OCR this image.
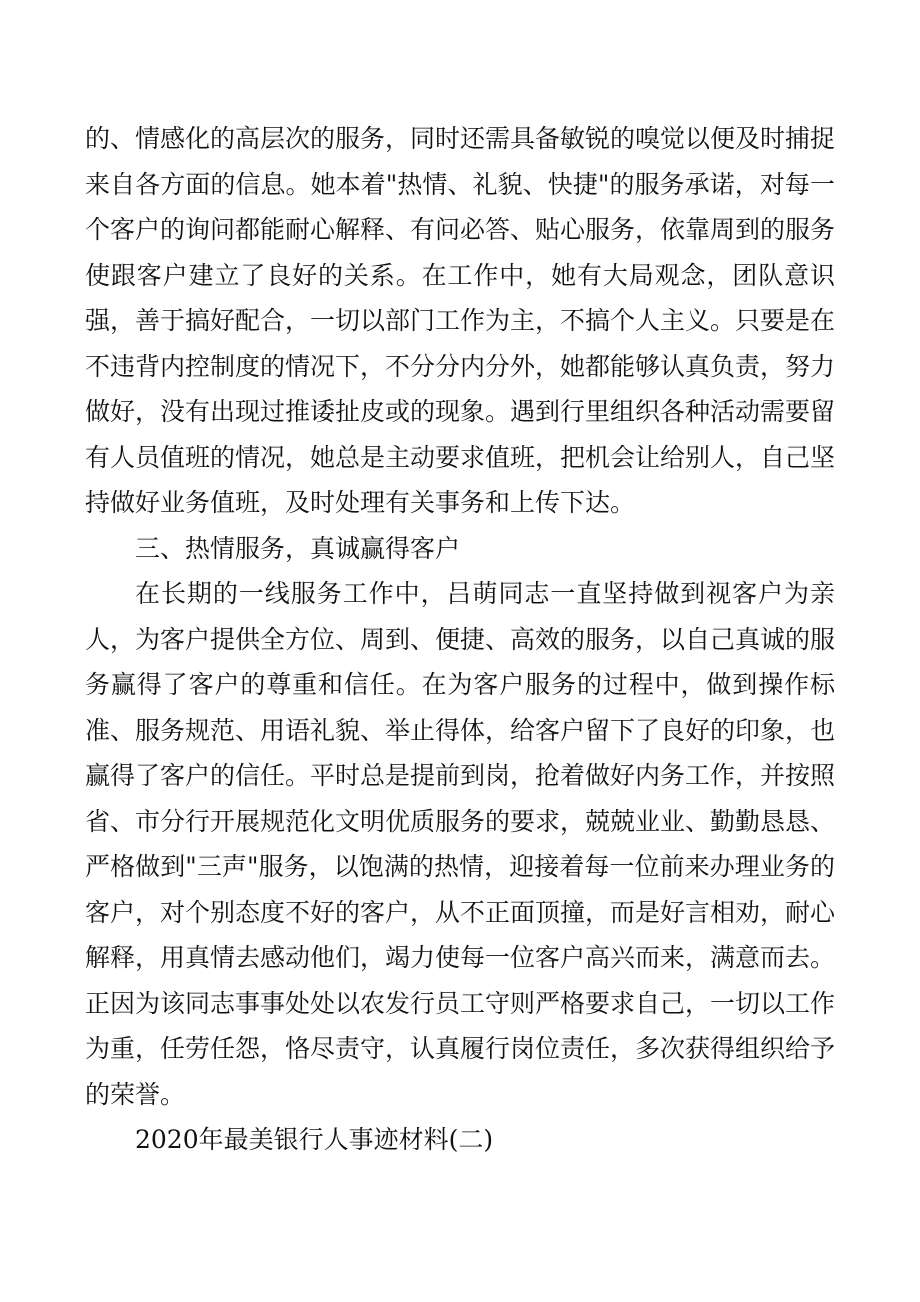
的、情感化的高层次的服务，同时还需具备敏锐的嗅觉以便及时捕捉来自各方面的信息。她本着"热情、礼貌、快捷"的服务承诺，对每一个客户的询问都能耐心解释、有问必答、贴心服务，依靠周到的服务使跟客户建立了良好的关系。在工作中，她有大局观念，团队意识强，善于搞好配合，一切以部门工作为主，不搞个人主义。只要是在不违背内控制度的情况下，不分分内分外，她都能够认真负责，努力做好，没有出现过推诿扯皮或的现象。遇到行里组织各种活动需要留有人员值班的情况，她总是主动要求值班，把机会让给别人，自己坚持做好业务值班，及时处理有关事务和上传下达。

三、热情服务，真诚赢得客户

在长期的一线服务工作中，吕萌同志一直坚持做到视客户为亲人，为客户提供全方位、周到、便捷、高效的服务，以自己真诚的服务赢得了客户的尊重和信任。在为客户服务的过程中，做到操作标准、服务规范、用语礼貌、举止得体，给客户留下了良好的印象，也赢得了客户的信任。平时总是提前到岗，抢着做好内务工作，并按照省、市分行开展规范化文明优质服务的要求，兢兢业业、勤勤恳恳、严格做到"三声"服务，以饱满的热情，迎接着每一位前来办理业务的客户，对个别态度不好的客户，从不正面顶撞，而是好言相劝，耐心解释，用真情去感动他们，竭力使每一位客户高兴而来，满意而去。正因为该同志事事处处以农发行员工守则严格要求自己，一切以工作为重，任劳任怨，恪尽责守，认真履行岗位责任，多次获得组织给予的荣誉。

2020年最美银行人事迹材料(二)
